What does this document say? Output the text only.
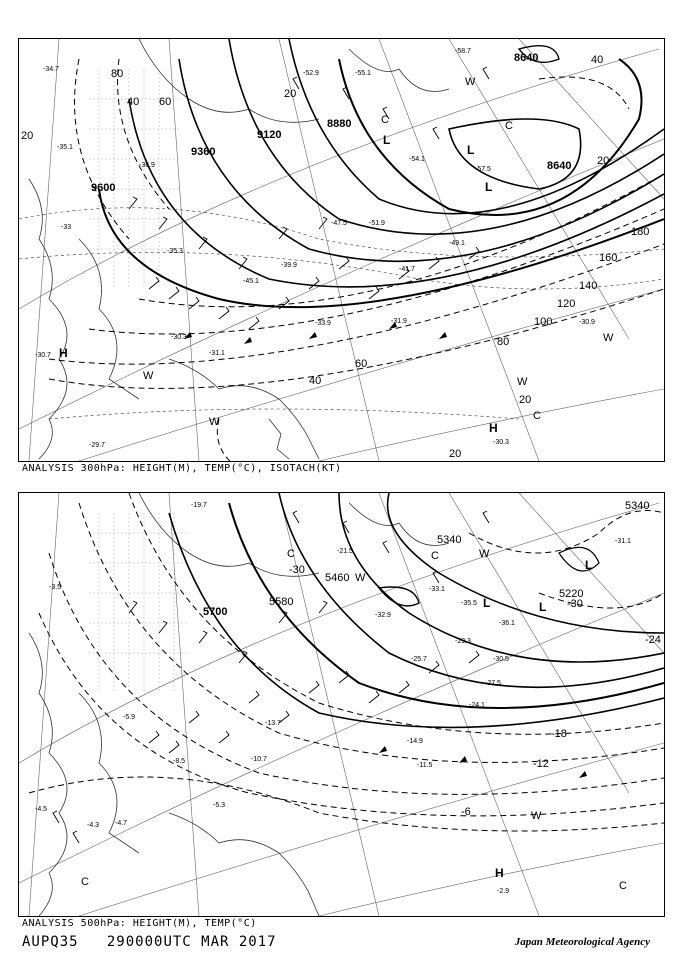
9600
9360
9120
8880
8640
8640
80
60
40
20
20
20
40
60
80
100
120
140
160
180
40
20
20
-34.7
-35.1
-33
-31.1
-30.3
-30.7
-30.9
-29.7	-30.3
-31.9
-33.9
-39.9
-41.7
-47.5	-51.9
-55.1
-57.5
-58.7
-54.1
-52.9
-49.1
-45.1
-36.9
-35.3
H
L
L
L
H
C
W
W
W
W
C
C
W
ANALYSIS 300hPa: HEIGHT(M), TEMP(°C), ISOTACH(KT)
5700
5580
5460
5340
5340
5220
-30
-24
-18
-12
-6
-30
-3.5
-4.5
-4.3
-5.3
-5.9
-8.5	-10.7
-11.5
-13.7
-14.9
-19.7
-21.5
-24.1
-25.7
-27.5
-29.3
-30.5
-32.9
-33.1
-35.5
-36.1
-31.1
-2.9
-4.7
L	L
L
H
C	C
W
W
W
C	C
ANALYSIS 500hPa: HEIGHT(M), TEMP(°C)
AUPQ35 290000UTC MAR 2017	Japan Meteorological Agency
